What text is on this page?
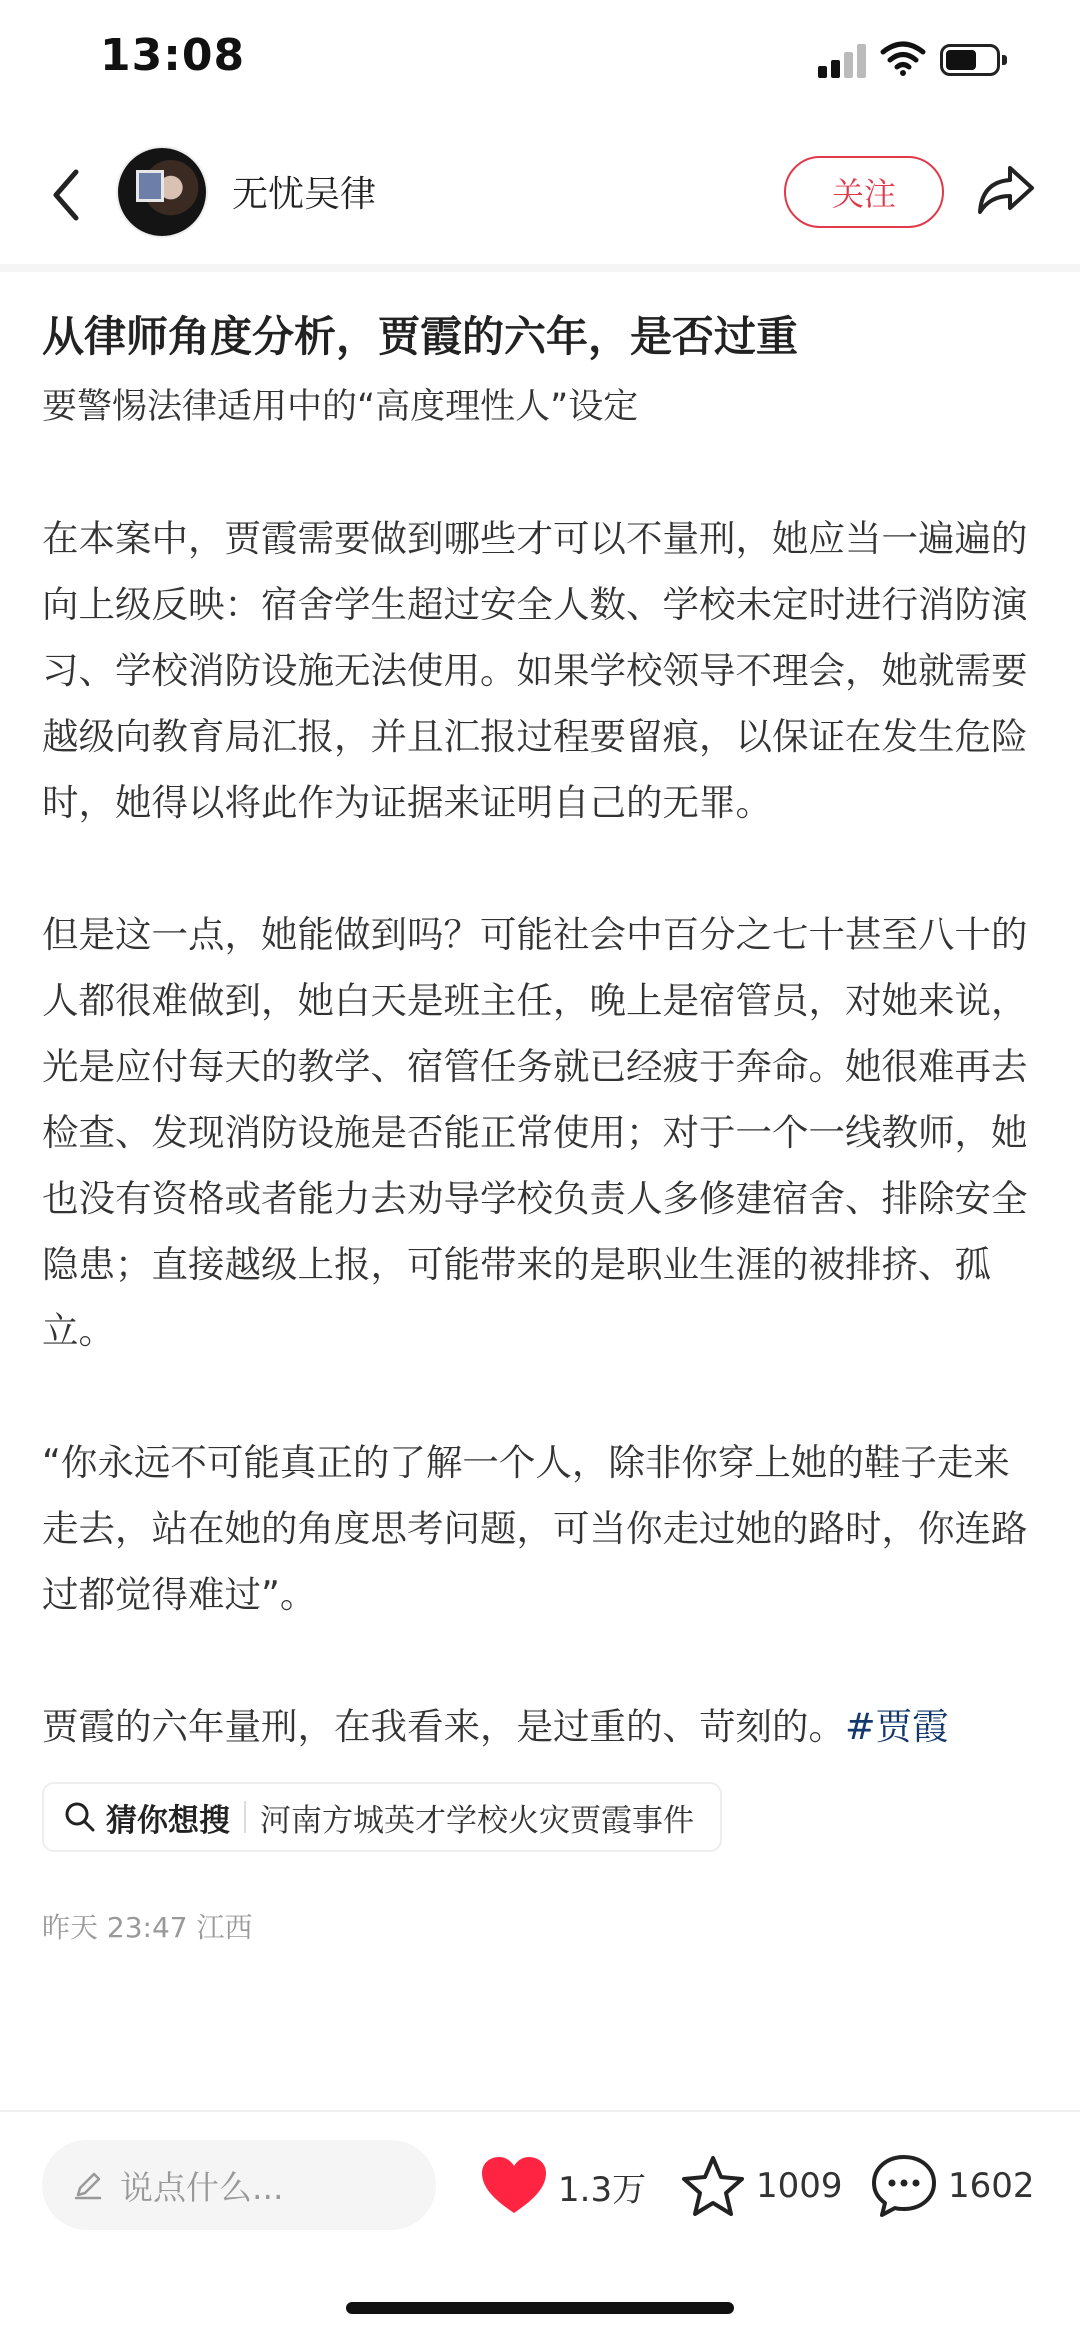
13:08
无忧吴律	关注
从律师角度分析，贾霞的六年，是否过重
要警惕法律适用中的“高度理性人”设定
在本案中，贾霞需要做到哪些才可以不量刑，她应当一遍遍的向上级反映：宿舍学生超过安全人数、学校未定时进行消防演习、学校消防设施无法使用。如果学校领导不理会，她就需要越级向教育局汇报，并且汇报过程要留痕，以保证在发生危险时，她得以将此作为证据来证明自己的无罪。
但是这一点，她能做到吗？可能社会中百分之七十甚至八十的人都很难做到，她白天是班主任，晚上是宿管员，对她来说，光是应付每天的教学、宿管任务就已经疲于奔命。她很难再去检查、发现消防设施是否能正常使用；对于一个一线教师，她也没有资格或者能力去劝导学校负责人多修建宿舍、排除安全隐患；直接越级上报，可能带来的是职业生涯的被排挤、孤立。
“你永远不可能真正的了解一个人，除非你穿上她的鞋子走来走去，站在她的角度思考问题，可当你走过她的路时，你连路过都觉得难过”。
贾霞的六年量刑，在我看来，是过重的、苛刻的。#贾霞
猜你想搜 河南方城英才学校火灾贾霞事件
昨天 23:47 江西
说点什么...	1.3万	1009	1602
